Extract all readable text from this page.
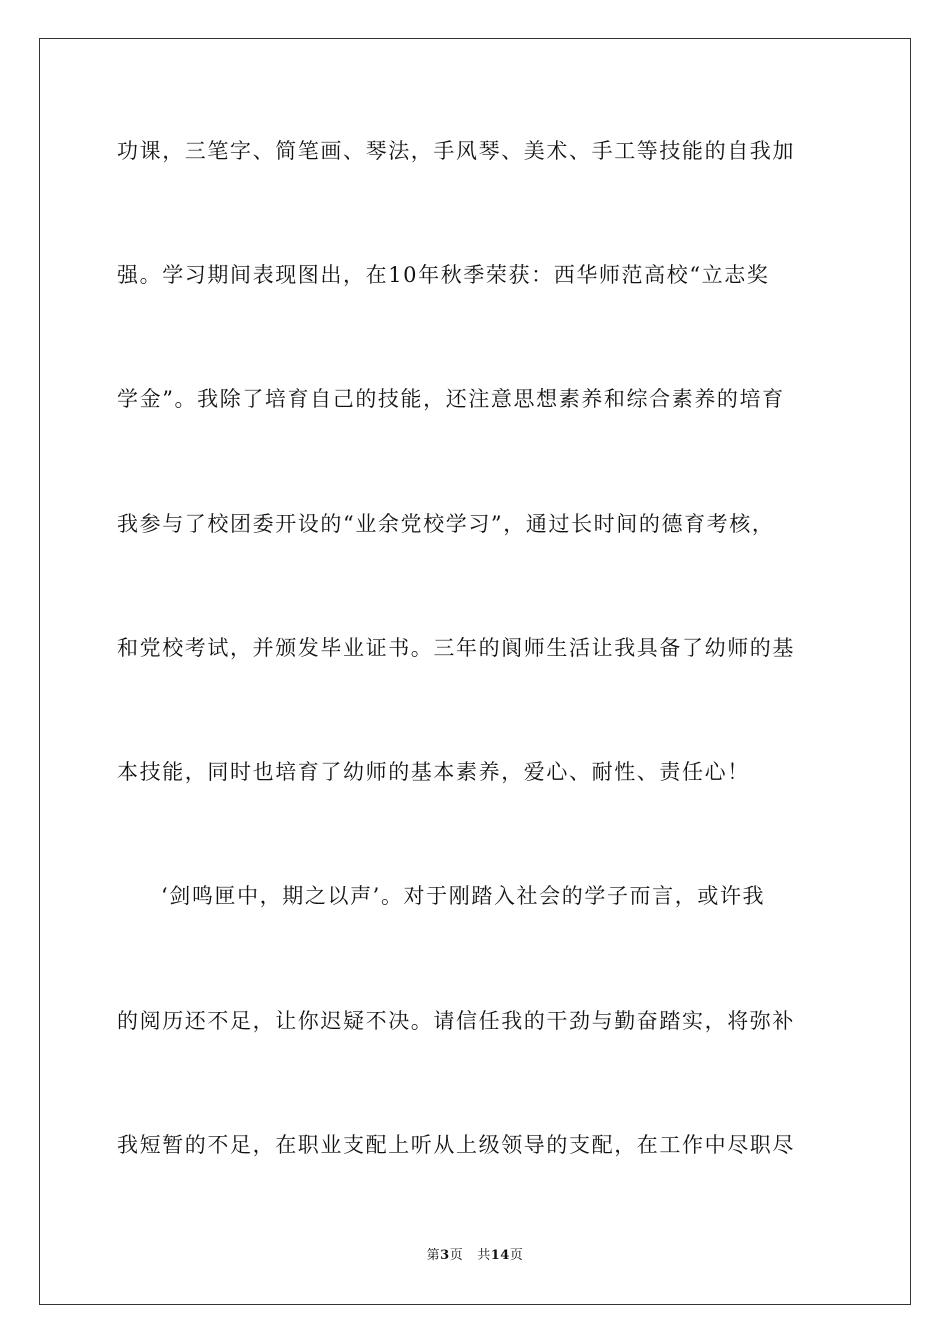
功课，三笔字、简笔画、琴法，手风琴、美术、手工等技能的自我加
强。学习期间表现图出，在10年秋季荣获：西华师范高校“立志奖
学金”。我除了培育自己的技能，还注意思想素养和综合素养的培育
我参与了校团委开设的“业余党校学习”，通过长时间的德育考核，
和党校考试，并颁发毕业证书。三年的阆师生活让我具备了幼师的基
本技能，同时也培育了幼师的基本素养，爱心、耐性、责任心！
‘剑鸣匣中，期之以声’。对于刚踏入社会的学子而言，或许我
的阅历还不足，让你迟疑不决。请信任我的干劲与勤奋踏实，将弥补
我短暂的不足，在职业支配上听从上级领导的支配，在工作中尽职尽
第3页 共14页
